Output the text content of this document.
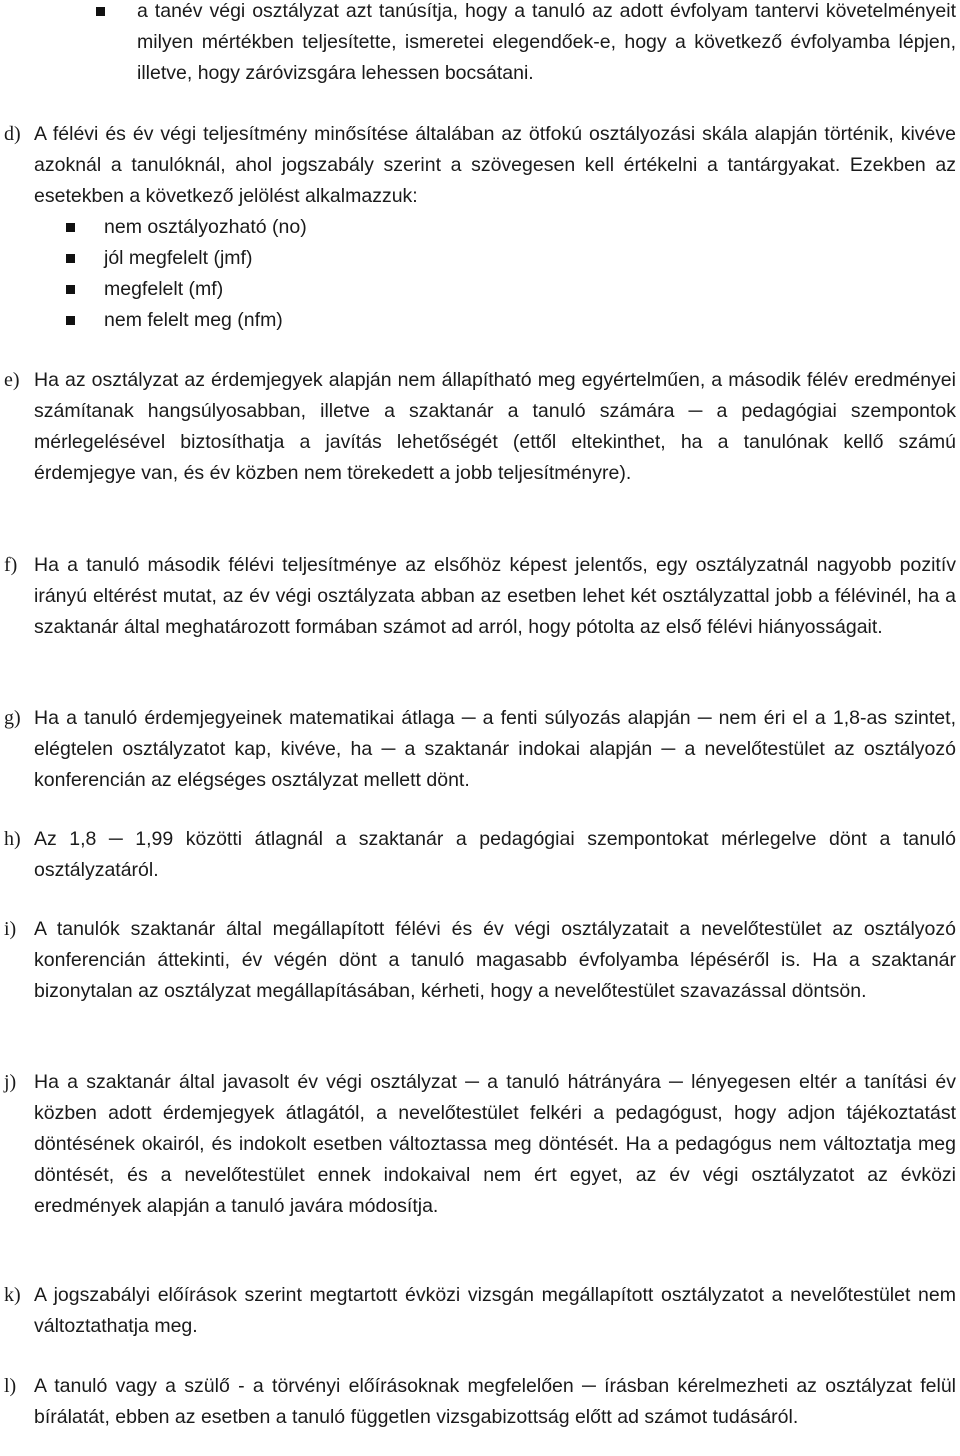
a tanév végi osztályzat azt tanúsítja, hogy a tanuló az adott évfolyam tantervi követelményeit milyen mértékben teljesítette, ismeretei elegendőek-e, hogy a következő évfolyamba lépjen, illetve, hogy záróvizsgára lehessen bocsátani.

d) A félévi és év végi teljesítmény minősítése általában az ötfokú osztályozási skála alapján történik, kivéve azoknál a tanulóknál, ahol jogszabály szerint a szövegesen kell értékelni a tantárgyakat. Ezekben az esetekben a következő jelölést alkalmazzuk:

nem osztályozható (no)
jól megfelelt (jmf)
megfelelt (mf)
nem felelt meg (nfm)
e) Ha az osztályzat az érdemjegyek alapján nem állapítható meg egyértelműen, a második félév eredményei számítanak hangsúlyosabban, illetve a szaktanár a tanuló számára ─ a pedagógiai szempontok mérlegelésével biztosíthatja a javítás lehetőségét (ettől eltekinthet, ha a tanulónak kellő számú érdemjegye van, és év közben nem törekedett a jobb teljesítményre).

f) Ha a tanuló második félévi teljesítménye az elsőhöz képest jelentős, egy osztályzatnál nagyobb pozitív irányú eltérést mutat, az év végi osztályzata abban az esetben lehet két osztályzattal jobb a félévinél, ha a szaktanár által meghatározott formában számot ad arról, hogy pótolta az első félévi hiányosságait.

g) Ha a tanuló érdemjegyeinek matematikai átlaga ─ a fenti súlyozás alapján ─ nem éri el a 1,8-as szintet, elégtelen osztályzatot kap, kivéve, ha ─ a szaktanár indokai alapján ─ a nevelőtestület az osztályozó konferencián az elégséges osztályzat mellett dönt.

h) Az 1,8 ─ 1,99 közötti átlagnál a szaktanár a pedagógiai szempontokat mérlegelve dönt a tanuló osztályzatáról.

i) A tanulók szaktanár által megállapított félévi és év végi osztályzatait a nevelőtestület az osztályozó konferencián áttekinti, év végén dönt a tanuló magasabb évfolyamba lépéséről is. Ha a szaktanár bizonytalan az osztályzat megállapításában, kérheti, hogy a nevelőtestület szavazással döntsön.

j) Ha a szaktanár által javasolt év végi osztályzat ─ a tanuló hátrányára ─ lényegesen eltér a tanítási év közben adott érdemjegyek átlagától, a nevelőtestület felkéri a pedagógust, hogy adjon tájékoztatást döntésének okairól, és indokolt esetben változtassa meg döntését. Ha a pedagógus nem változtatja meg döntését, és a nevelőtestület ennek indokaival nem ért egyet, az év végi osztályzatot az évközi eredmények alapján a tanuló javára módosítja.

k) A jogszabályi előírások szerint megtartott évközi vizsgán megállapított osztályzatot a nevelőtestület nem változtathatja meg.

l) A tanuló vagy a szülő - a törvényi előírásoknak megfelelően ─ írásban kérelmezheti az osztályzat felül bírálatát, ebben az esetben a tanuló független vizsgabizottság előtt ad számot tudásáról.
